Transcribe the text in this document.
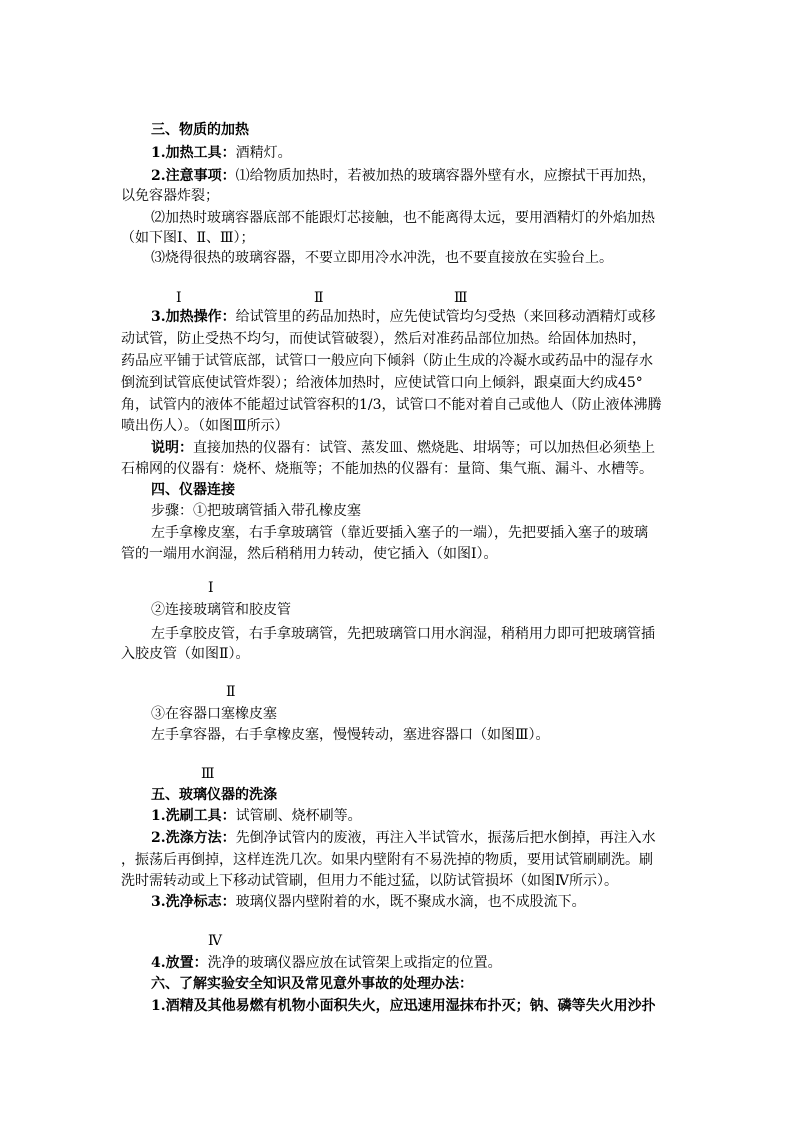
三、物质的加热
1.加热工具：酒精灯。
2.注意事项：⑴给物质加热时，若被加热的玻璃容器外壁有水，应擦拭干再加热，
以免容器炸裂；
⑵加热时玻璃容器底部不能跟灯芯接触，也不能离得太远，要用酒精灯的外焰加热
（如下图Ⅰ、Ⅱ、Ⅲ）；
⑶烧得很热的玻璃容器，不要立即用冷水冲洗，也不要直接放在实验台上。
Ⅰ	Ⅱ	Ⅲ
3.加热操作：给试管里的药品加热时，应先使试管均匀受热（来回移动酒精灯或移
动试管，防止受热不均匀，而使试管破裂），然后对准药品部位加热。给固体加热时，
药品应平铺于试管底部，试管口一般应向下倾斜（防止生成的冷凝水或药品中的湿存水
倒流到试管底使试管炸裂）；给液体加热时，应使试管口向上倾斜，跟桌面大约成45°
角，试管内的液体不能超过试管容积的1/3，试管口不能对着自己或他人（防止液体沸腾
喷出伤人）。（如图Ⅲ所示）
说明：直接加热的仪器有：试管、蒸发皿、燃烧匙、坩埚等；可以加热但必须垫上
石棉网的仪器有：烧杯、烧瓶等；不能加热的仪器有：量筒、集气瓶、漏斗、水槽等。
四、仪器连接
步骤：①把玻璃管插入带孔橡皮塞
左手拿橡皮塞，右手拿玻璃管（靠近要插入塞子的一端），先把要插入塞子的玻璃
管的一端用水润湿，然后稍稍用力转动，使它插入（如图Ⅰ）。
Ⅰ
②连接玻璃管和胶皮管
左手拿胶皮管，右手拿玻璃管，先把玻璃管口用水润湿，稍稍用力即可把玻璃管插
入胶皮管（如图Ⅱ）。
Ⅱ
③在容器口塞橡皮塞
左手拿容器，右手拿橡皮塞，慢慢转动，塞进容器口（如图Ⅲ）。
Ⅲ
五、玻璃仪器的洗涤
1.洗刷工具：试管刷、烧杯刷等。
2.洗涤方法：先倒净试管内的废液，再注入半试管水，振荡后把水倒掉，再注入水
，振荡后再倒掉，这样连洗几次。如果内壁附有不易洗掉的物质，要用试管刷刷洗。刷
洗时需转动或上下移动试管刷，但用力不能过猛，以防试管损坏（如图Ⅳ所示）。
3.洗净标志：玻璃仪器内壁附着的水，既不聚成水滴，也不成股流下。
Ⅳ
4.放置：洗净的玻璃仪器应放在试管架上或指定的位置。
六、了解实验安全知识及常见意外事故的处理办法：
1.酒精及其他易燃有机物小面积失火，应迅速用湿抹布扑灭；钠、磷等失火用沙扑
